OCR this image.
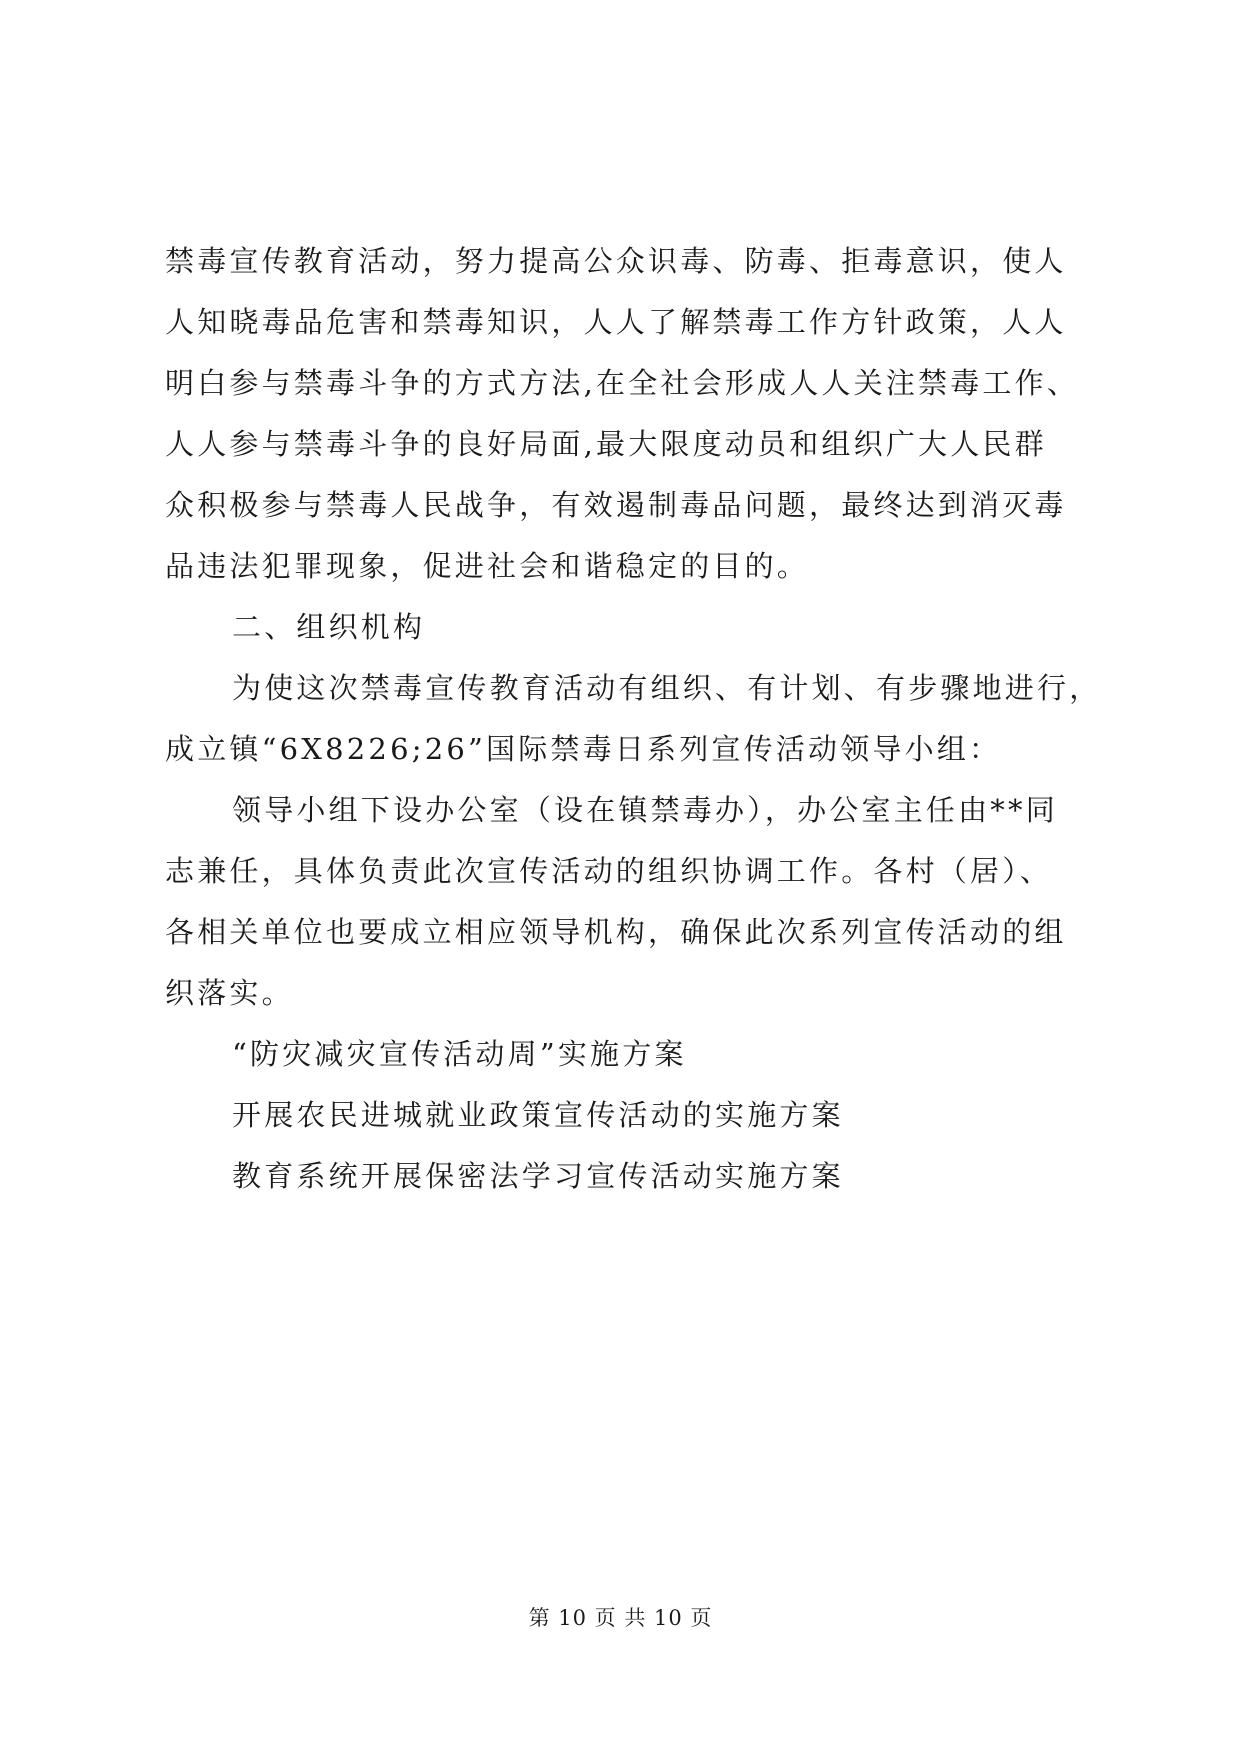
禁毒宣传教育活动，努力提高公众识毒、防毒、拒毒意识，使人
人知晓毒品危害和禁毒知识，人人了解禁毒工作方针政策，人人
明白参与禁毒斗争的方式方法,在全社会形成人人关注禁毒工作、
人人参与禁毒斗争的良好局面,最大限度动员和组织广大人民群
众积极参与禁毒人民战争，有效遏制毒品问题，最终达到消灭毒
品违法犯罪现象，促进社会和谐稳定的目的。
二、组织机构
为使这次禁毒宣传教育活动有组织、有计划、有步骤地进行，
成立镇“6X8226;26”国际禁毒日系列宣传活动领导小组：
领导小组下设办公室（设在镇禁毒办），办公室主任由**同
志兼任，具体负责此次宣传活动的组织协调工作。各村（居）、
各相关单位也要成立相应领导机构，确保此次系列宣传活动的组
织落实。
“防灾减灾宣传活动周”实施方案
开展农民进城就业政策宣传活动的实施方案
教育系统开展保密法学习宣传活动实施方案
第 10 页 共 10 页
